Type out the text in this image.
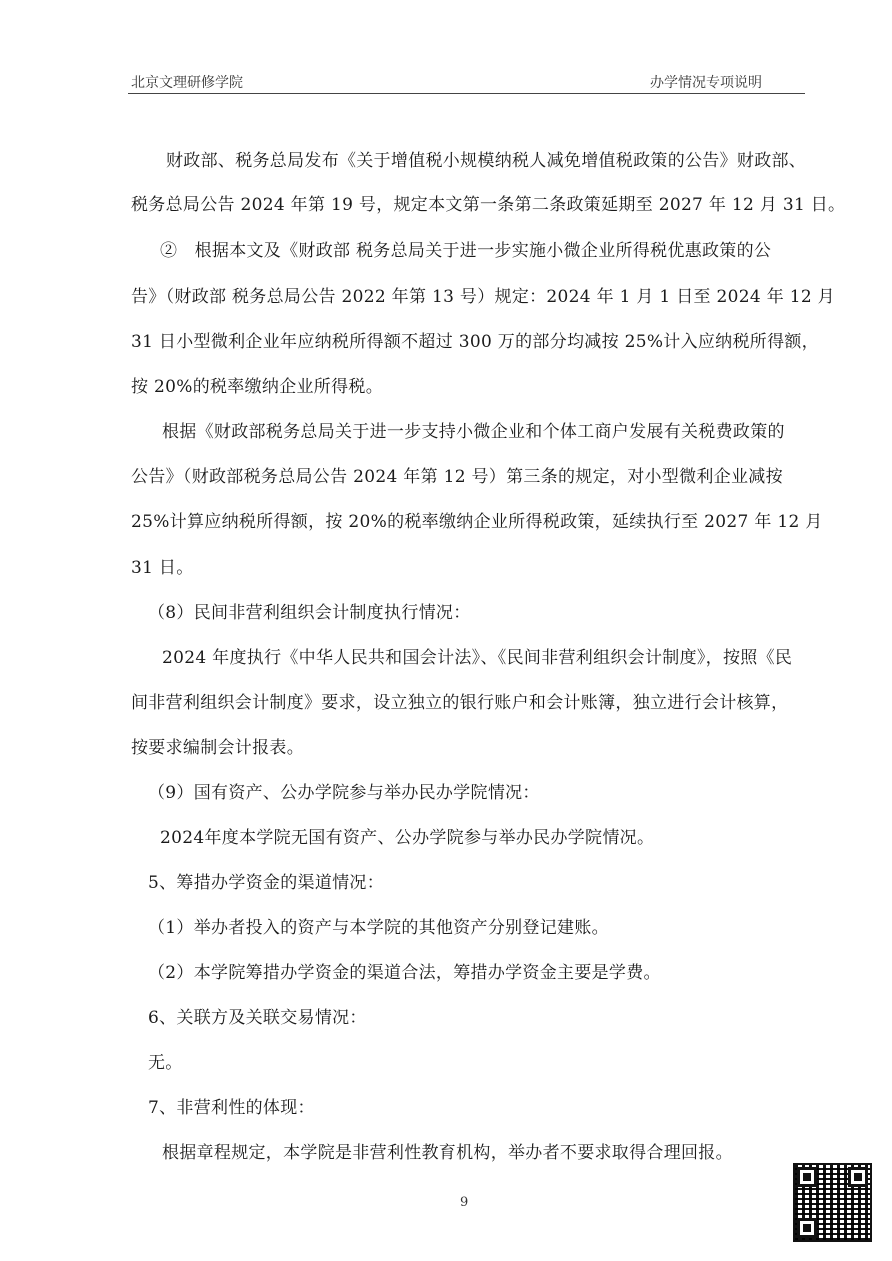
北京文理研修学院	办学情况专项说明
财政部、税务总局发布《关于增值税小规模纳税人减免增值税政策的公告》财政部、
税务总局公告 2024 年第 19 号，规定本文第一条第二条政策延期至 2027 年 12 月 31 日。
②　根据本文及《财政部 税务总局关于进一步实施小微企业所得税优惠政策的公
告》（财政部 税务总局公告 2022 年第 13 号）规定：2024 年 1 月 1 日至 2024 年 12 月
31 日小型微利企业年应纳税所得额不超过 300 万的部分均减按 25%计入应纳税所得额，
按 20%的税率缴纳企业所得税。
根据《财政部税务总局关于进一步支持小微企业和个体工商户发展有关税费政策的
公告》（财政部税务总局公告 2024 年第 12 号）第三条的规定，对小型微利企业减按
25%计算应纳税所得额，按 20%的税率缴纳企业所得税政策，延续执行至 2027 年 12 月
31 日。
（8）民间非营利组织会计制度执行情况：
2024 年度执行《中华人民共和国会计法》、《民间非营利组织会计制度》，按照《民
间非营利组织会计制度》要求，设立独立的银行账户和会计账簿，独立进行会计核算，
按要求编制会计报表。
（9）国有资产、公办学院参与举办民办学院情况：
2024年度本学院无国有资产、公办学院参与举办民办学院情况。
5、筹措办学资金的渠道情况：
（1）举办者投入的资产与本学院的其他资产分别登记建账。
（2）本学院筹措办学资金的渠道合法，筹措办学资金主要是学费。
6、关联方及关联交易情况：
无。
7、非营利性的体现：
根据章程规定，本学院是非营利性教育机构，举办者不要求取得合理回报。
9
